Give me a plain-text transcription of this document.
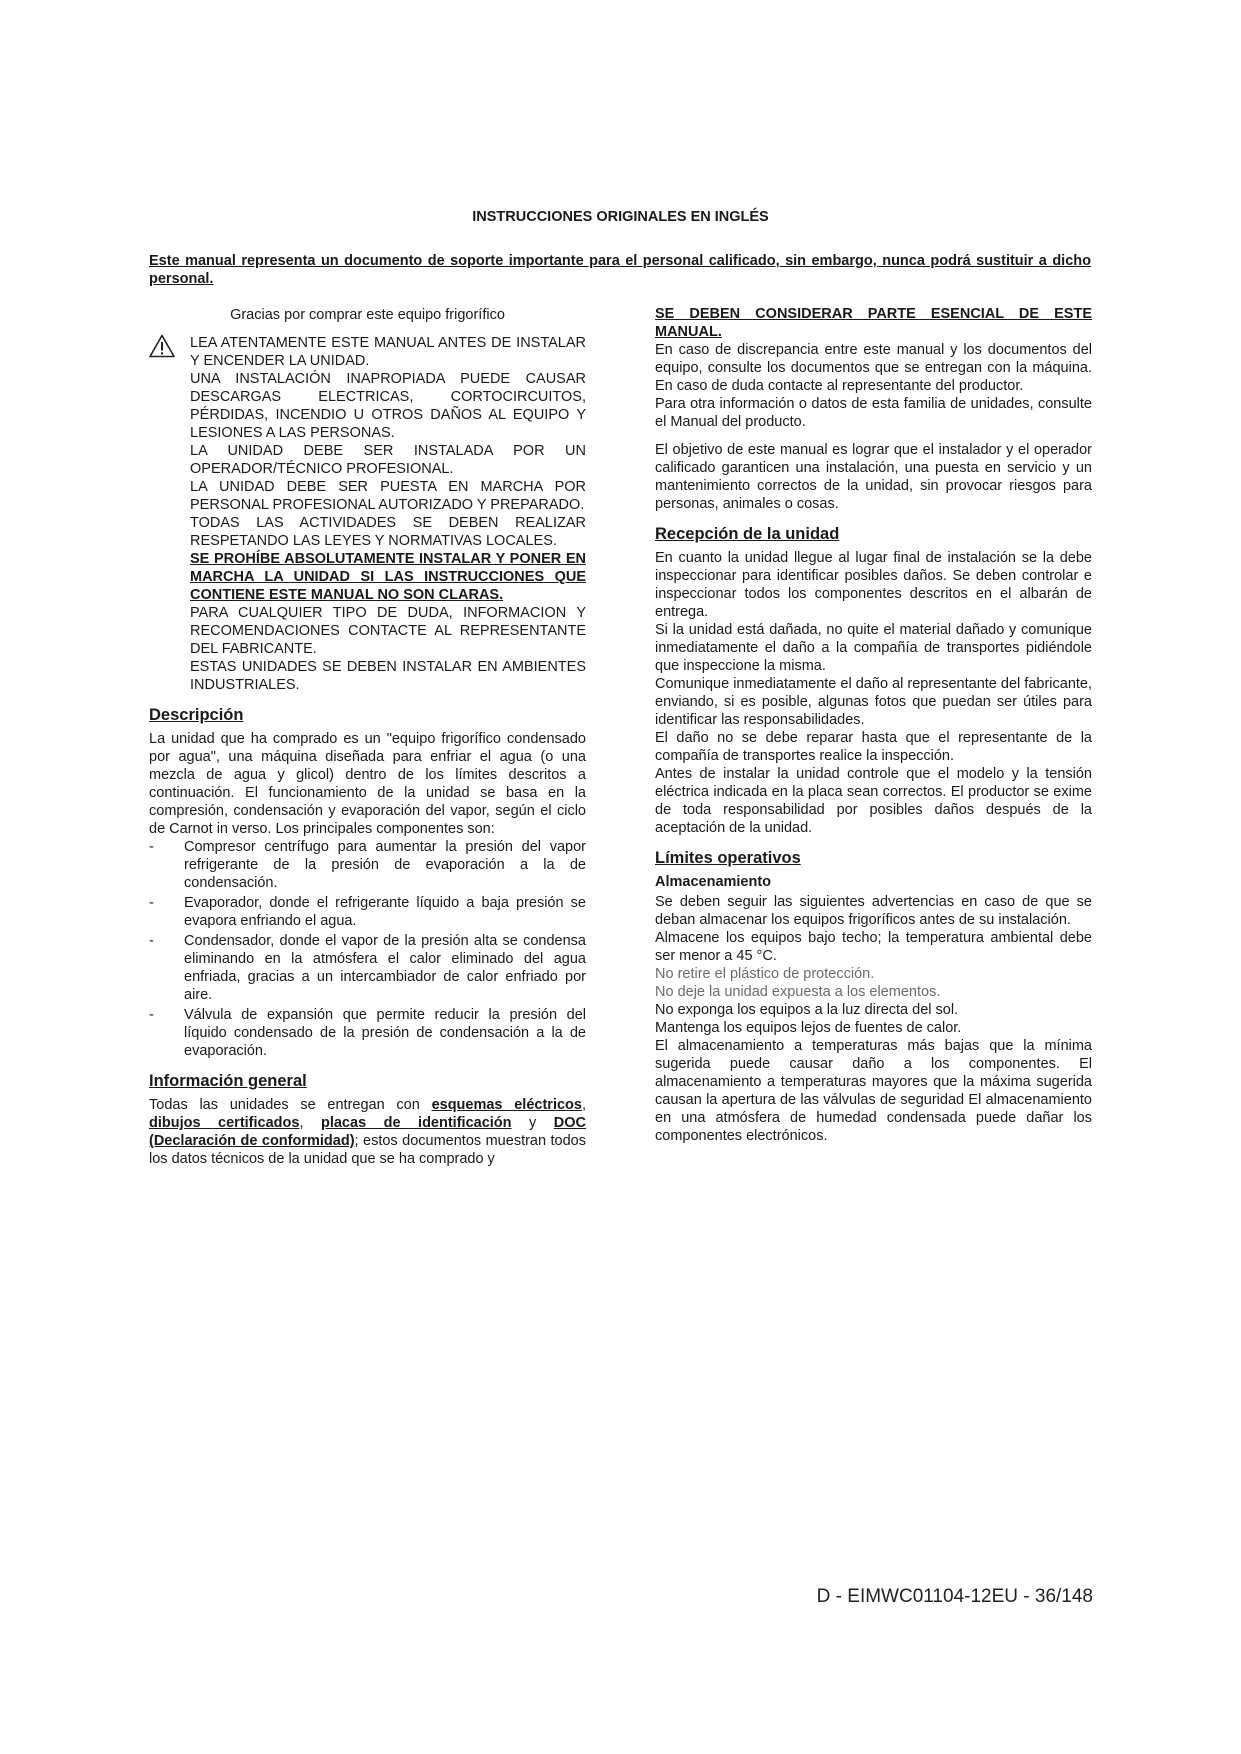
INSTRUCCIONES ORIGINALES EN INGLÉS
Este manual representa un documento de soporte importante para el personal calificado, sin embargo, nunca podrá sustituir a dicho personal.

Gracias por comprar este equipo frigorífico

LEA ATENTAMENTE ESTE MANUAL ANTES DE INSTALAR Y ENCENDER LA UNIDAD.

UNA INSTALACIÓN INAPROPIADA PUEDE CAUSAR DESCARGAS ELECTRICAS, CORTOCIRCUITOS, PÉRDIDAS, INCENDIO U OTROS DAÑOS AL EQUIPO Y LESIONES A LAS PERSONAS.

LA UNIDAD DEBE SER INSTALADA POR UN OPERADOR/TÉCNICO PROFESIONAL.

LA UNIDAD DEBE SER PUESTA EN MARCHA POR PERSONAL PROFESIONAL AUTORIZADO Y PREPARADO.

TODAS LAS ACTIVIDADES SE DEBEN REALIZAR RESPETANDO LAS LEYES Y NORMATIVAS LOCALES.

SE PROHÍBE ABSOLUTAMENTE INSTALAR Y PONER EN MARCHA LA UNIDAD SI LAS INSTRUCCIONES QUE CONTIENE ESTE MANUAL NO SON CLARAS.

PARA CUALQUIER TIPO DE DUDA, INFORMACION Y RECOMENDACIONES CONTACTE AL REPRESENTANTE DEL FABRICANTE.

ESTAS UNIDADES SE DEBEN INSTALAR EN AMBIENTES INDUSTRIALES.

Descripción

La unidad que ha comprado es un "equipo frigorífico condensado por agua", una máquina diseñada para enfriar el agua (o una mezcla de agua y glicol) dentro de los límites descritos a continuación. El funcionamiento de la unidad se basa en la compresión, condensación y evaporación del vapor, según el ciclo de Carnot in verso. Los principales componentes son:

- Compresor centrífugo para aumentar la presión del vapor refrigerante de la presión de evaporación a la de condensación.
- Evaporador, donde el refrigerante líquido a baja presión se evapora enfriando el agua.
- Condensador, donde el vapor de la presión alta se condensa eliminando en la atmósfera el calor eliminado del agua enfriada, gracias a un intercambiador de calor enfriado por aire.
- Válvula de expansión que permite reducir la presión del líquido condensado de la presión de condensación a la de evaporación.
Información general

Todas las unidades se entregan con esquemas eléctricos, dibujos certificados, placas de identificación y DOC (Declaración de conformidad); estos documentos muestran todos los datos técnicos de la unidad que se ha comprado y

SE DEBEN CONSIDERAR PARTE ESENCIAL DE ESTE MANUAL.

En caso de discrepancia entre este manual y los documentos del equipo, consulte los documentos que se entregan con la máquina. En caso de duda contacte al representante del productor.

Para otra información o datos de esta familia de unidades, consulte el Manual del producto.

El objetivo de este manual es lograr que el instalador y el operador calificado garanticen una instalación, una puesta en servicio y un mantenimiento correctos de la unidad, sin provocar riesgos para personas, animales o cosas.

Recepción de la unidad

En cuanto la unidad llegue al lugar final de instalación se la debe inspeccionar para identificar posibles daños. Se deben controlar e inspeccionar todos los componentes descritos en el albarán de entrega.

Si la unidad está dañada, no quite el material dañado y comunique inmediatamente el daño a la compañía de transportes pidiéndole que inspeccione la misma.

Comunique inmediatamente el daño al representante del fabricante, enviando, si es posible, algunas fotos que puedan ser útiles para identificar las responsabilidades.

El daño no se debe reparar hasta que el representante de la compañía de transportes realice la inspección.

Antes de instalar la unidad controle que el modelo y la tensión eléctrica indicada en la placa sean correctos. El productor se exime de toda responsabilidad por posibles daños después de la aceptación de la unidad.

Límites operativos
Almacenamiento

Se deben seguir las siguientes advertencias en caso de que se deban almacenar los equipos frigoríficos antes de su instalación.

Almacene los equipos bajo techo; la temperatura ambiental debe ser menor a 45 °C.

No retire el plástico de protección.

No deje la unidad expuesta a los elementos.

No exponga los equipos a la luz directa del sol.

Mantenga los equipos lejos de fuentes de calor.

El almacenamiento a temperaturas más bajas que la mínima sugerida puede causar daño a los componentes. El almacenamiento a temperaturas mayores que la máxima sugerida causan la apertura de las válvulas de seguridad El almacenamiento en una atmósfera de humedad condensada puede dañar los componentes electrónicos.

D - EIMWC01104-12EU - 36/148
